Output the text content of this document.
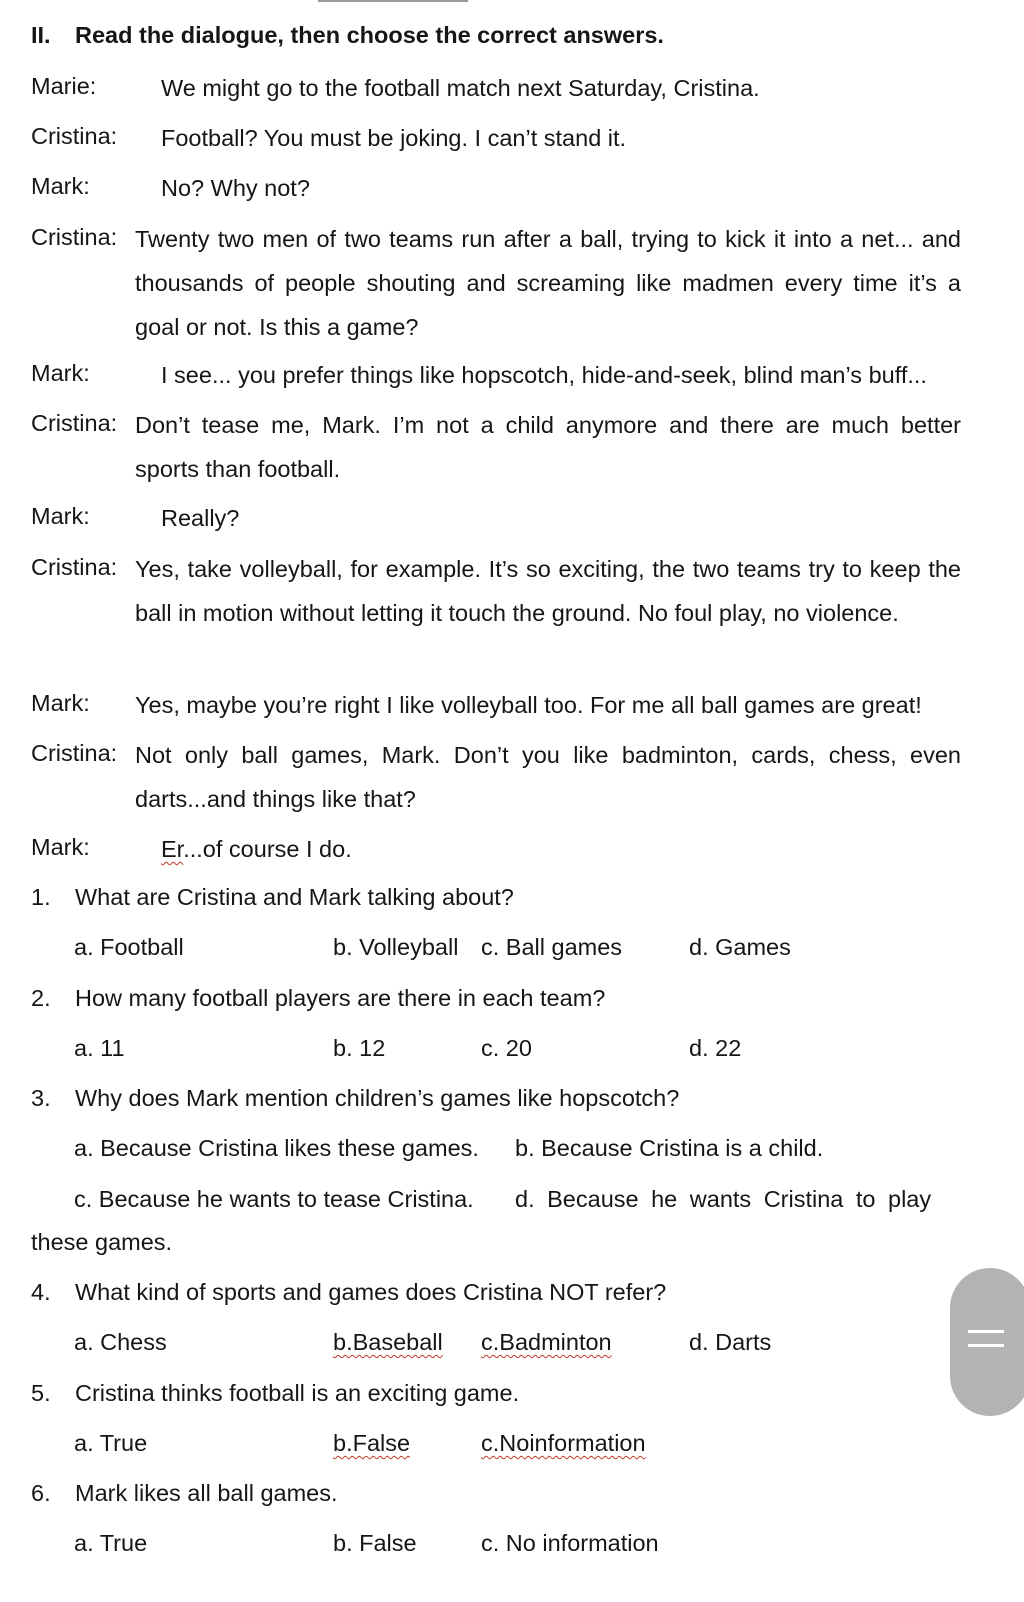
II. Read the dialogue, then choose the correct answers.
Marie:	We might go to the football match next Saturday, Cristina.
Cristina: Football? You must be joking. I can’t stand it.
Mark:	No? Why not?
Cristina: Twenty two men of two teams run after a ball, trying to kick it into a net... and thousands of people shouting and screaming like madmen every time it’s a goal or not. Is this a game?
Mark:	I see... you prefer things like hopscotch, hide-and-seek, blind man’s buff...
Cristina: Don’t tease me, Mark. I’m not a child anymore and there are much better sports than football.
Mark:	Really?
Cristina: Yes, take volleyball, for example. It’s so exciting, the two teams try to keep the ball in motion without letting it touch the ground. No foul play, no violence.
Mark: Yes, maybe you’re right I like volleyball too. For me all ball games are great!
Cristina: Not only ball games, Mark. Don’t you like badminton, cards, chess, even darts...and things like that?
Mark:	Er...of course I do.
1. What are Cristina and Mark talking about?
a. Football	b. Volleyball c. Ball games	d. Games
2. How many football players are there in each team?
a. 11	b. 12	c. 20	d. 22
3. Why does Mark mention children’s games like hopscotch?
a. Because Cristina likes these games. b. Because Cristina is a child.
c. Because he wants to tease Cristina. d. Because he wants Cristina to play
these games.
4. What kind of sports and games does Cristina NOT refer?
a. Chess	b.Baseball c.Badminton	d. Darts
5. Cristina thinks football is an exciting game.
a. True	b.False	c.Noinformation
6. Mark likes all ball games.
a. True	b. False	c. No information
